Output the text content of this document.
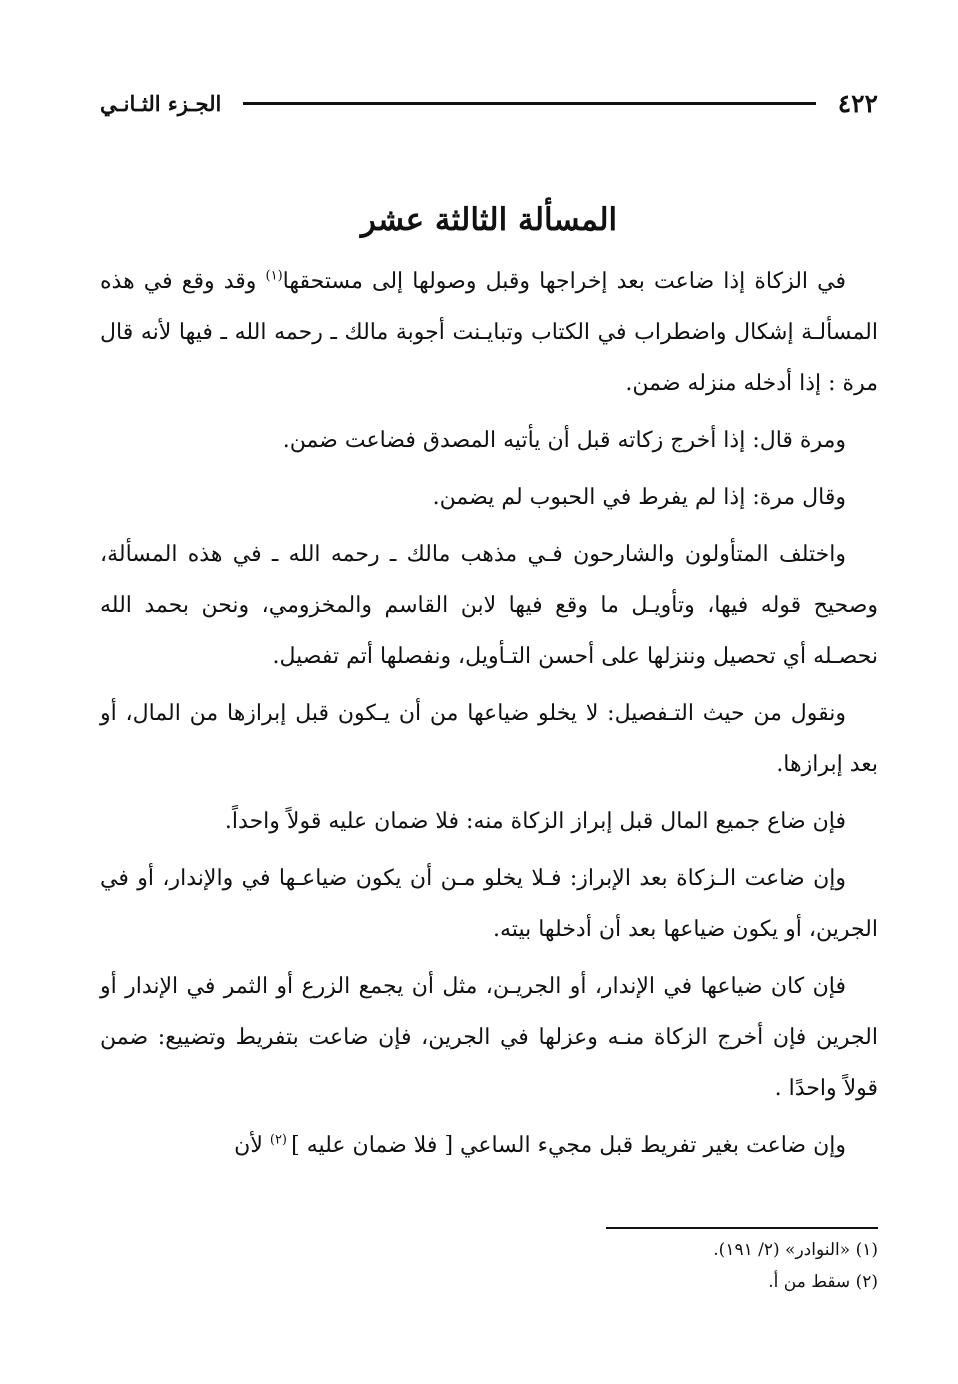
٤٢٢
الجـزء الثـانـي
المسألة الثالثة عشر

في الزكاة إذا ضاعت بعد إخراجها وقبل وصولها إلى مستحقها$^{(١)}$ وقد وقع في هذه المسألـة إشكال واضطراب في الكتاب وتبايـنت أجوبة مالك ـ رحمه الله ـ فيها لأنه قال مرة : إذا أدخله منزله ضمن.

ومرة قال: إذا أخرج زكاته قبل أن يأتيه المصدق فضاعت ضمن.

وقال مرة: إذا لم يفرط في الحبوب لم يضمن.

واختلف المتأولون والشارحون فـي مذهب مالك ـ رحمه الله ـ في هذه المسألة، وصحيح قوله فيها، وتأويـل ما وقع فيها لابن القاسم والمخزومي، ونحن بحمد الله نحصـله أي تحصيل وننزلها على أحسن التـأويل، ونفصلها أتم تفصيل.

ونقول من حيث التـفصيل: لا يخلو ضياعها من أن يـكون قبل إبرازها من المال، أو بعد إبرازها.

فإن ضاع جميع المال قبل إبراز الزكاة منه: فلا ضمان عليه قولاً واحداً.

وإن ضاعت الـزكاة بعد الإبراز: فـلا يخلو مـن أن يكون ضياعـها في والإندار، أو في الجرين، أو يكون ضياعها بعد أن أدخلها بيته.

فإن كان ضياعها في الإندار، أو الجريـن، مثل أن يجمع الزرع أو الثمر في الإندار أو الجرين فإن أخرج الزكاة منـه وعزلها في الجرين، فإن ضاعت بتفريط وتضييع: ضمن قولاً واحدًا .

وإن ضاعت بغير تفريط قبل مجيء الساعي [ فلا ضمان عليه ] $^{(٢)}$ لأن

(١) «النوادر» (٢/ ١٩١).

(٢) سقط من أ.
